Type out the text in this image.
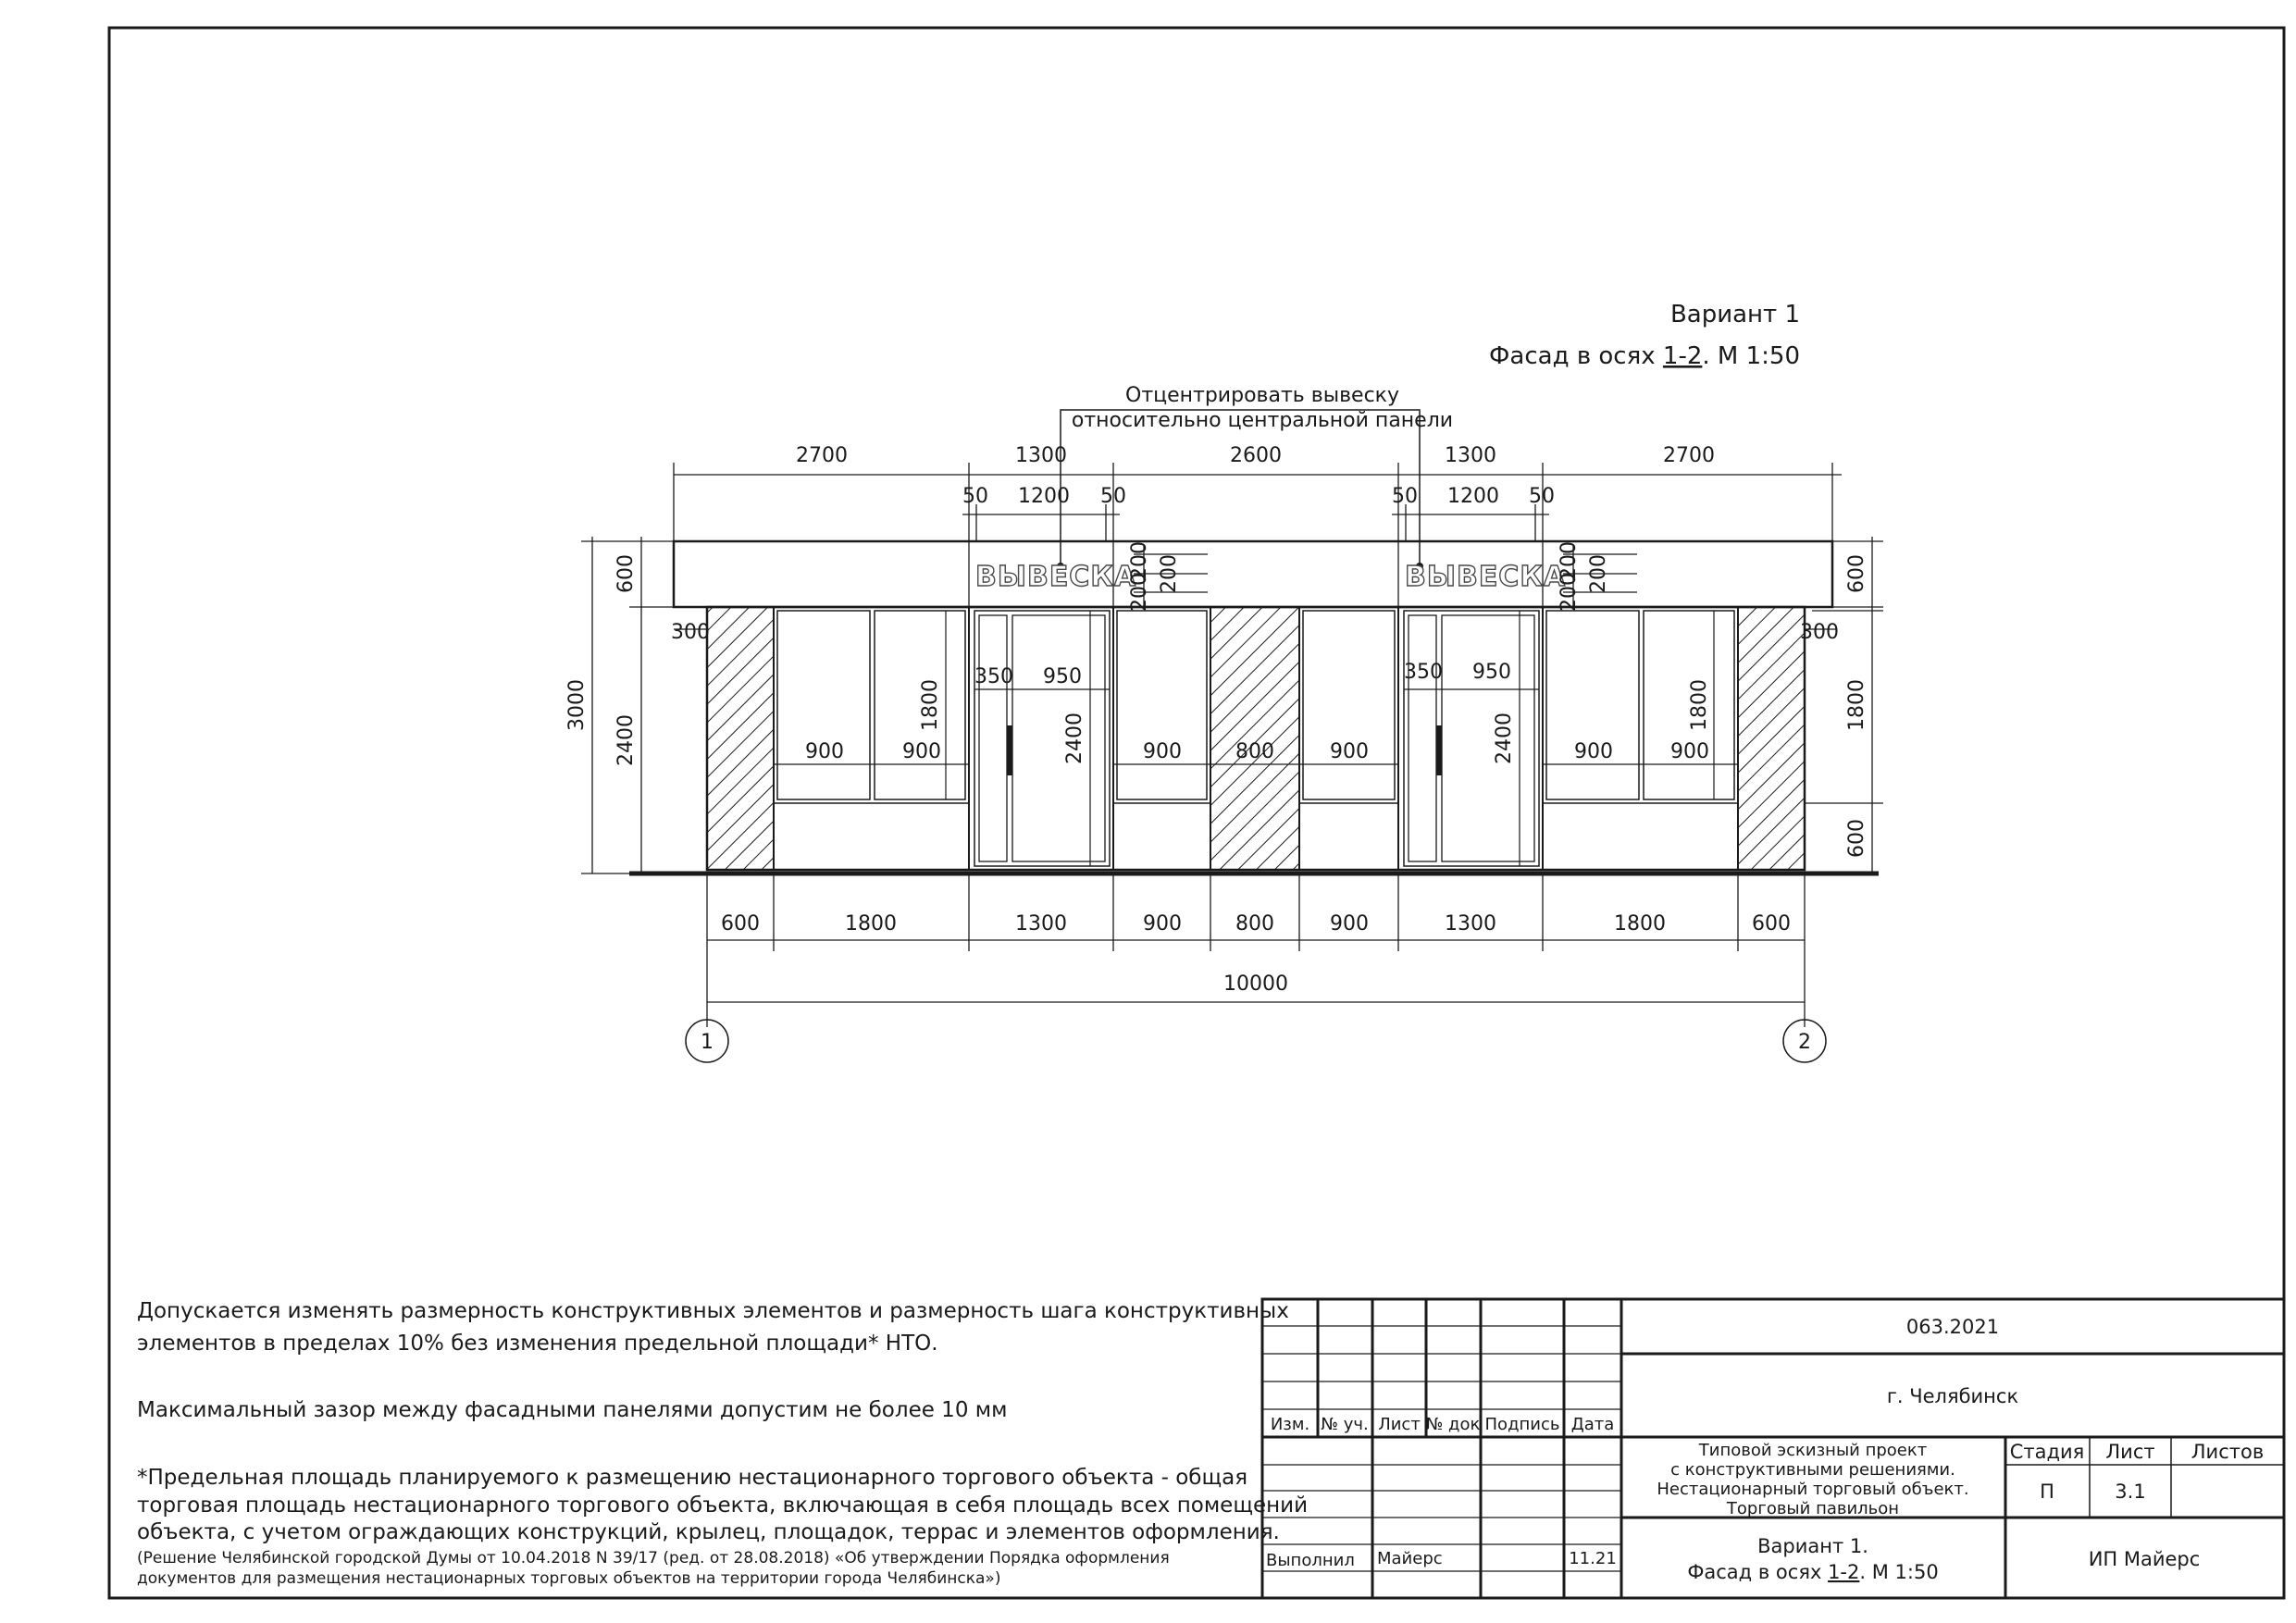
Вариант 1
Фасад в осях 1-2. М 1:50
Отцентрировать вывеску
относительно центральной панели
ВЫВЕСКА	ВЫВЕСКА
2700	1300	2600	1300	2700
50 1200 50	50 1200 50
200
200 200	200
200 200
3000
2400
600
300
600
1800
600
300
900	900	900	800	900	900	900
1800	1800
350 950	350 950
2400	2400
600	1800	1300	900	800	900	1300	1800	600
10000
1	2
Допускается изменять размерность конструктивных элементов и размерность шага конструктивных
элементов в пределах 10% без изменения предельной площади* НТО.
Максимальный зазор между фасадными панелями допустим не более 10 мм
*Предельная площадь планируемого к размещению нестационарного торгового объекта - общая
торговая площадь нестационарного торгового объекта, включающая в себя площадь всех помещений
объекта, с учетом ограждающих конструкций, крылец, площадок, террас и элементов оформления.
(Решение Челябинской городской Думы от 10.04.2018 N 39/17 (ред. от 28.08.2018) «Об утверждении Порядка оформления
документов для размещения нестационарных торговых объектов на территории города Челябинска»)
Изм. № уч. Лист № док Подпись Дата
063.2021
г. Челябинск
Типовой эскизный проект
с конструктивными решениями.
Нестационарный торговый объект.
Торговый павильон
Стадия Лист Листов
П	3.1
Выполнил Майерс	11.21
Вариант 1.
Фасад в осях 1-2. М 1:50
ИП Майерс
